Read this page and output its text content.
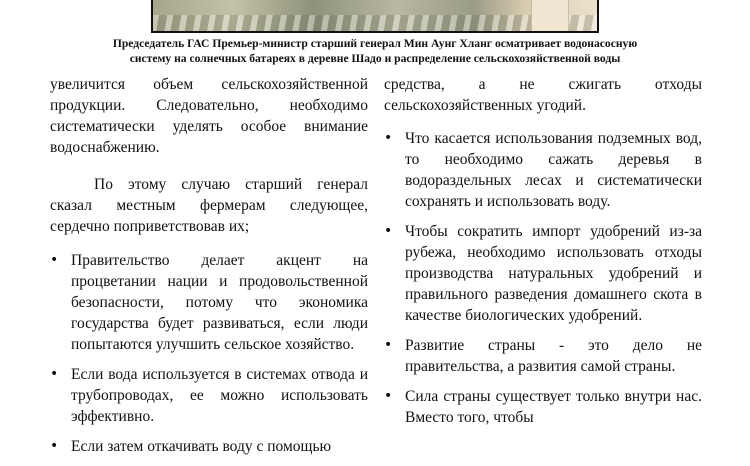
Председатель ГАС Премьер-министр старший генерал Мин Аунг Хланг осматривает водонасосную
систему на солнечных батареях в деревне Шадо и распределение сельскохозяйственной воды

увеличится объем сельскохозяйственной продукции. Следовательно, необходимо систематически уделять особое внимание водоснабжению.

По этому случаю старший генерал сказал местным фермерам следующее, сердечно поприветствовав их;

• Правительство делает акцент на процветании нации и продовольственной безопасности, потому что экономика государства будет развиваться, если люди попытаются улучшить сельское хозяйство.
• Если вода используется в системах отвода и трубопроводах, ее можно использовать эффективно.
• Если затем откачивать воду с помощью

средства, а не сжигать отходы сельскохозяйственных угодий.

• Что касается использования подземных вод, то необходимо сажать деревья в водораздельных лесах и систематически сохранять и использовать воду.
• Чтобы сократить импорт удобрений из-за рубежа, необходимо использовать отходы производства натуральных удобрений и правильного разведения домашнего скота в качестве биологических удобрений.
• Развитие страны - это дело не правительства, а развития самой страны.
• Сила страны существует только внутри нас. Вместо того, чтобы
